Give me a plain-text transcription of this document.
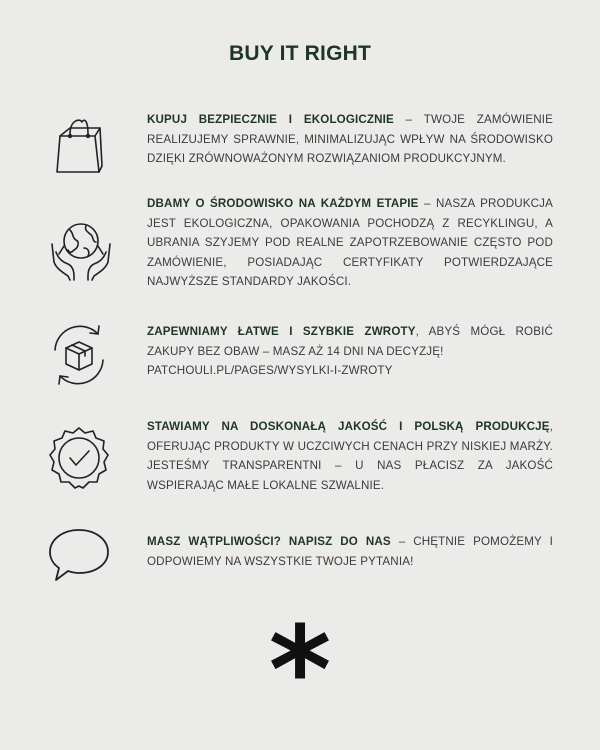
BUY IT RIGHT
KUPUJ BEZPIECZNIE I EKOLOGICZNIE – TWOJE ZAMÓWIENIE REALIZUJEMY SPRAWNIE, MINIMALIZUJĄC WPŁYW NA ŚRODOWISKO DZIĘKI ZRÓWNOWAŻONYM ROZWIĄZANIOM PRODUKCYJNYM.
DBAMY O ŚRODOWISKO NA KAŻDYM ETAPIE – NASZA PRODUKCJA JEST EKOLOGICZNA, OPAKOWANIA POCHODZĄ Z RECYKLINGU, A UBRANIA SZYJEMY POD REALNE ZAPOTRZEBOWANIE CZĘSTO POD ZAMÓWIENIE, POSIADAJĄC CERTYFIKATY POTWIERDZAJĄCE NAJWYŻSZE STANDARDY JAKOŚCI.
ZAPEWNIAMY ŁATWE I SZYBKIE ZWROTY, ABYŚ MÓGŁ ROBIĆ ZAKUPY BEZ OBAW – MASZ AŻ 14 DNI NA DECYZJĘ!
PATCHOULI.PL/PAGES/WYSYLKI-I-ZWROTY
STAWIAMY NA DOSKONAŁĄ JAKOŚĆ I POLSKĄ PRODUKCJĘ, OFERUJĄC PRODUKTY W UCZCIWYCH CENACH PRZY NISKIEJ MARŻY. JESTEŚMY TRANSPARENTNI – U NAS PŁACISZ ZA JAKOŚĆ WSPIERAJĄC MAŁE LOKALNE SZWALNIE.
MASZ WĄTPLIWOŚCI? NAPISZ DO NAS – CHĘTNIE POMOŻEMY I ODPOWIEMY NA WSZYSTKIE TWOJE PYTANIA!
*
